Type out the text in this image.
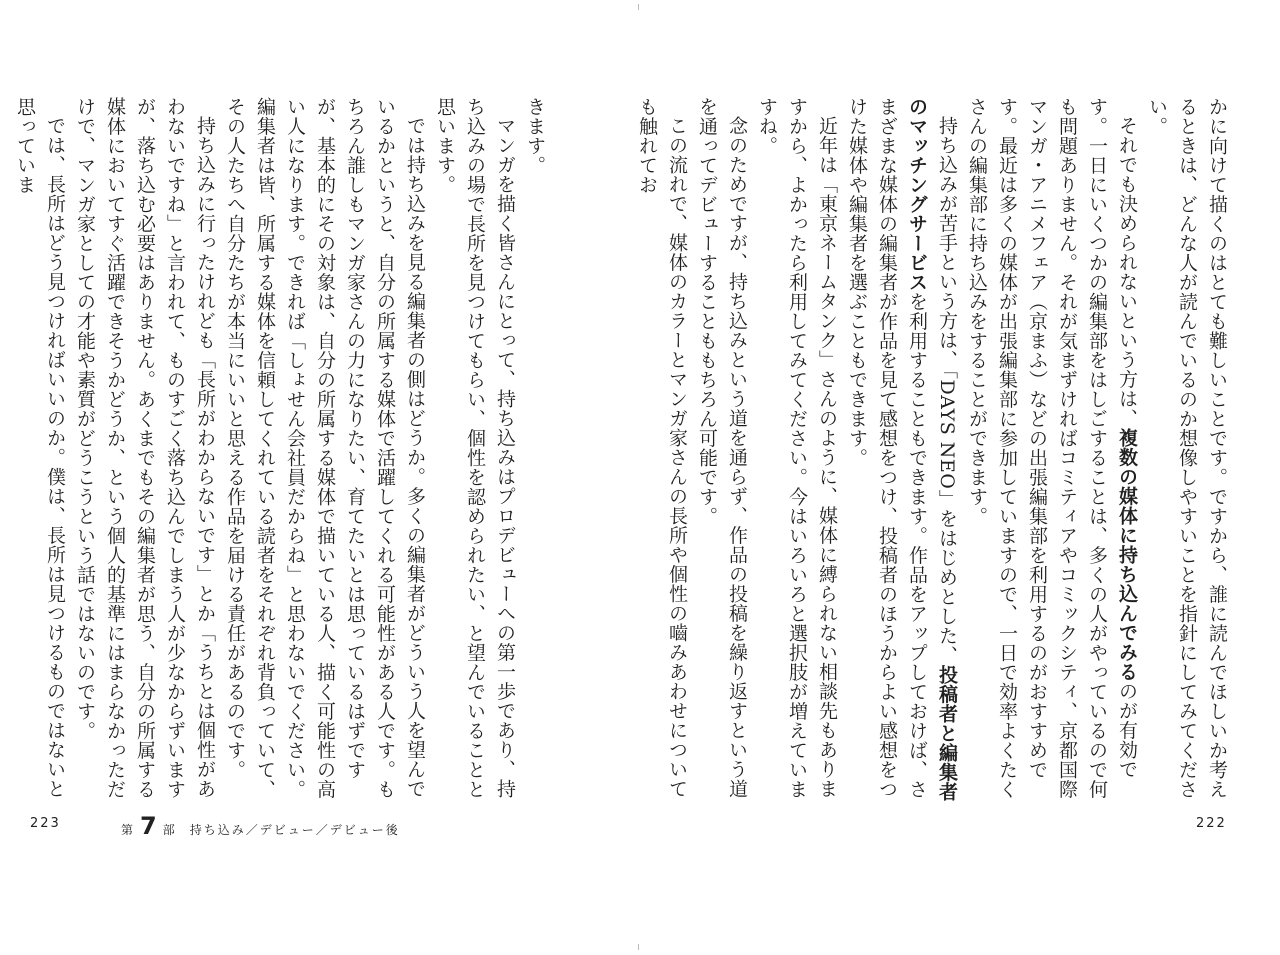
きます。

マンガを描く皆さんにとって、持ち込みはプロデビューへの第一歩であり、持ち込みの場で長所を見つけてもらい、個性を認められたい、と望んでいることと思います。

では持ち込みを見る編集者の側はどうか。多くの編集者がどういう人を望んでいるかというと、自分の所属する媒体で活躍してくれる可能性がある人です。もちろん誰しもマンガ家さんの力になりたい、育てたいとは思っているはずですが、基本的にその対象は、自分の所属する媒体で描いている人、描く可能性の高い人になります。できれば「しょせん会社員だからね」と思わないでください。編集者は皆、所属する媒体を信頼してくれている読者をそれぞれ背負っていて、その人たちへ自分たちが本当にいいと思える作品を届ける責任があるのです。

持ち込みに行ったけれども「長所がわからないです」とか「うちとは個性があわないですね」と言われて、ものすごく落ち込んでしまう人が少なからずいますが、落ち込む必要はありません。あくまでもその編集者が思う、自分の所属する媒体においてすぐ活躍できそうかどうか、という個人的基準にはまらなかっただけで、マンガ家としての才能や素質がどうこうという話ではないのです。

では、長所はどう見つければいいのか。僕は、長所は見つけるものではないと思っていま

第 7 部 持ち込み／デビュー／デビュー後
223

かに向けて描くのはとても難しいことです。ですから、誰に読んでほしいか考えるときは、どんな人が読んでいるのか想像しやすいことを指針にしてみてください。

それでも決められないという方は、複数の媒体に持ち込んでみるのが有効です。一日にいくつかの編集部をはしごすることは、多くの人がやっているので何も問題ありません。それが気まずければコミティアやコミックシティ、京都国際マンガ・アニメフェア（京まふ）などの出張編集部を利用するのがおすすめです。最近は多くの媒体が出張編集部に参加していますので、一日で効率よくたくさんの編集部に持ち込みをすることができます。

持ち込みが苦手という方は、「DAYS NEO」をはじめとした、投稿者と編集者のマッチングサービスを利用することもできます。作品をアップしておけば、さまざまな媒体の編集者が作品を見て感想をつけ、投稿者のほうからよい感想をつけた媒体や編集者を選ぶこともできます。

近年は「東京ネームタンク」さんのように、媒体に縛られない相談先もありますから、よかったら利用してみてください。今はいろいろと選択肢が増えていますね。

念のためですが、持ち込みという道を通らず、作品の投稿を繰り返すという道を通ってデビューすることももちろん可能です。

この流れで、媒体のカラーとマンガ家さんの長所や個性の嚙みあわせについても触れてお

222
